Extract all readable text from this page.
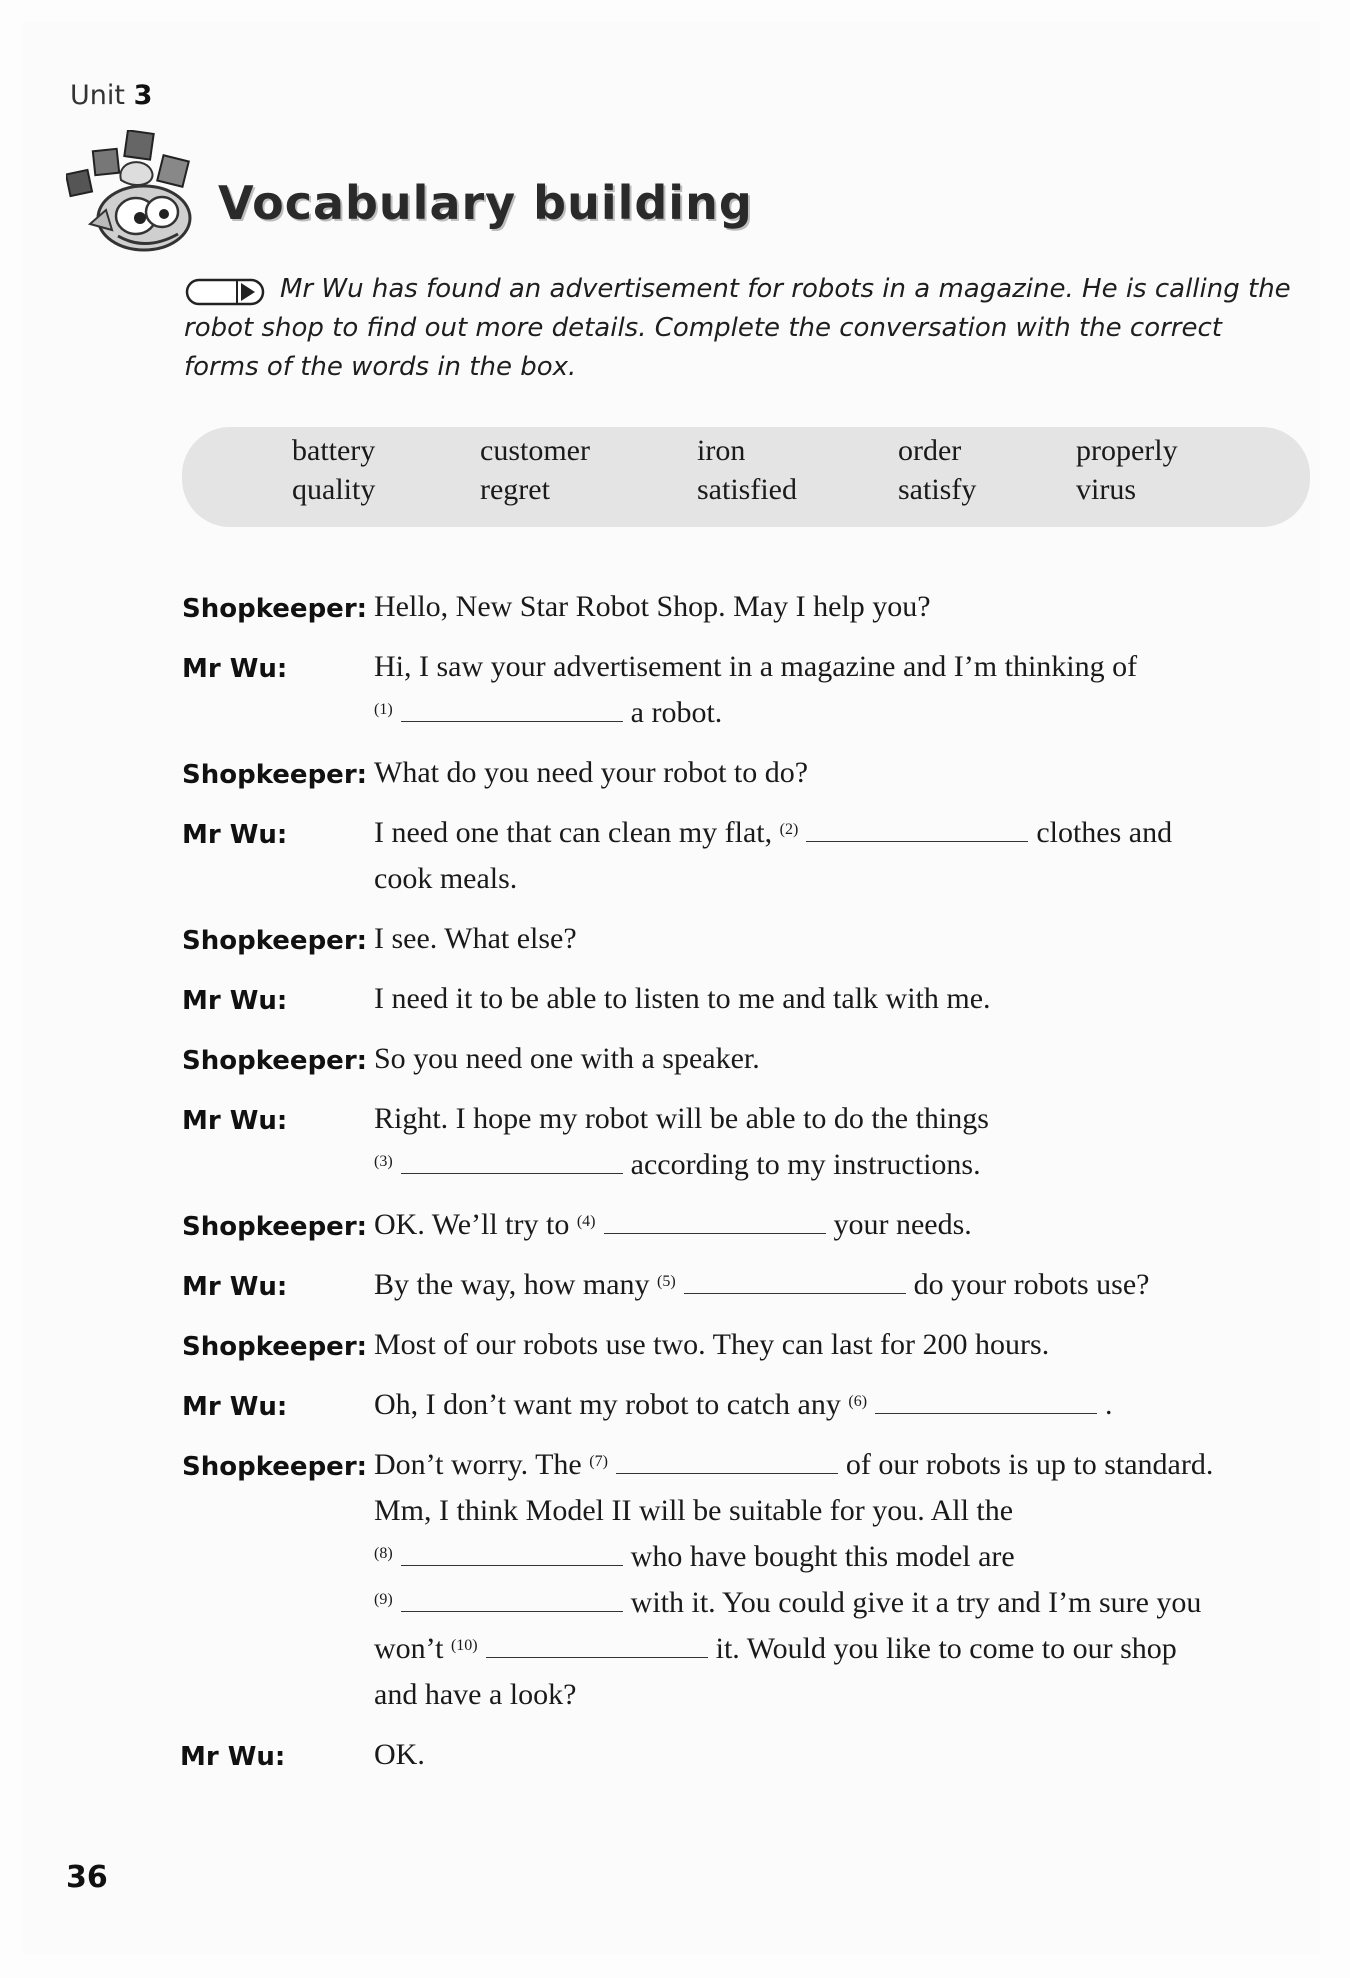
Unit 3
Vocabulary building
Mr Wu has found an advertisement for robots in a magazine. He is calling the robot shop to find out more details. Complete the conversation with the correct forms of the words in the box.
battery	customer	iron	order	properly
quality	regret	satisfied	satisfy	virus
Shopkeeper: Hello, New Star Robot Shop. May I help you?
Mr Wu:	Hi, I saw your advertisement in a magazine and I’m thinking of
$^{(1)}$	a robot.
Shopkeeper: What do you need your robot to do?
Mr Wu:	I need one that can clean my flat, $^{(2)}$	clothes and
cook meals.
Shopkeeper: I see. What else?
Mr Wu:	I need it to be able to listen to me and talk with me.
Shopkeeper: So you need one with a speaker.
Mr Wu:	Right. I hope my robot will be able to do the things
$^{(3)}$	according to my instructions.
Shopkeeper: OK. We’ll try to $^{(4)}$	your needs.
Mr Wu:	By the way, how many $^{(5)}$	do your robots use?
Shopkeeper: Most of our robots use two. They can last for 200 hours.
Mr Wu:	Oh, I don’t want my robot to catch any $^{(6)}$	.
Shopkeeper: Don’t worry. The $^{(7)}$	of our robots is up to standard.
Mm, I think Model II will be suitable for you. All the
$^{(8)}$	who have bought this model are
$^{(9)}$	with it. You could give it a try and I’m sure you
won’t $^{(10)}$	it. Would you like to come to our shop
and have a look?
Mr Wu:	OK.
36
